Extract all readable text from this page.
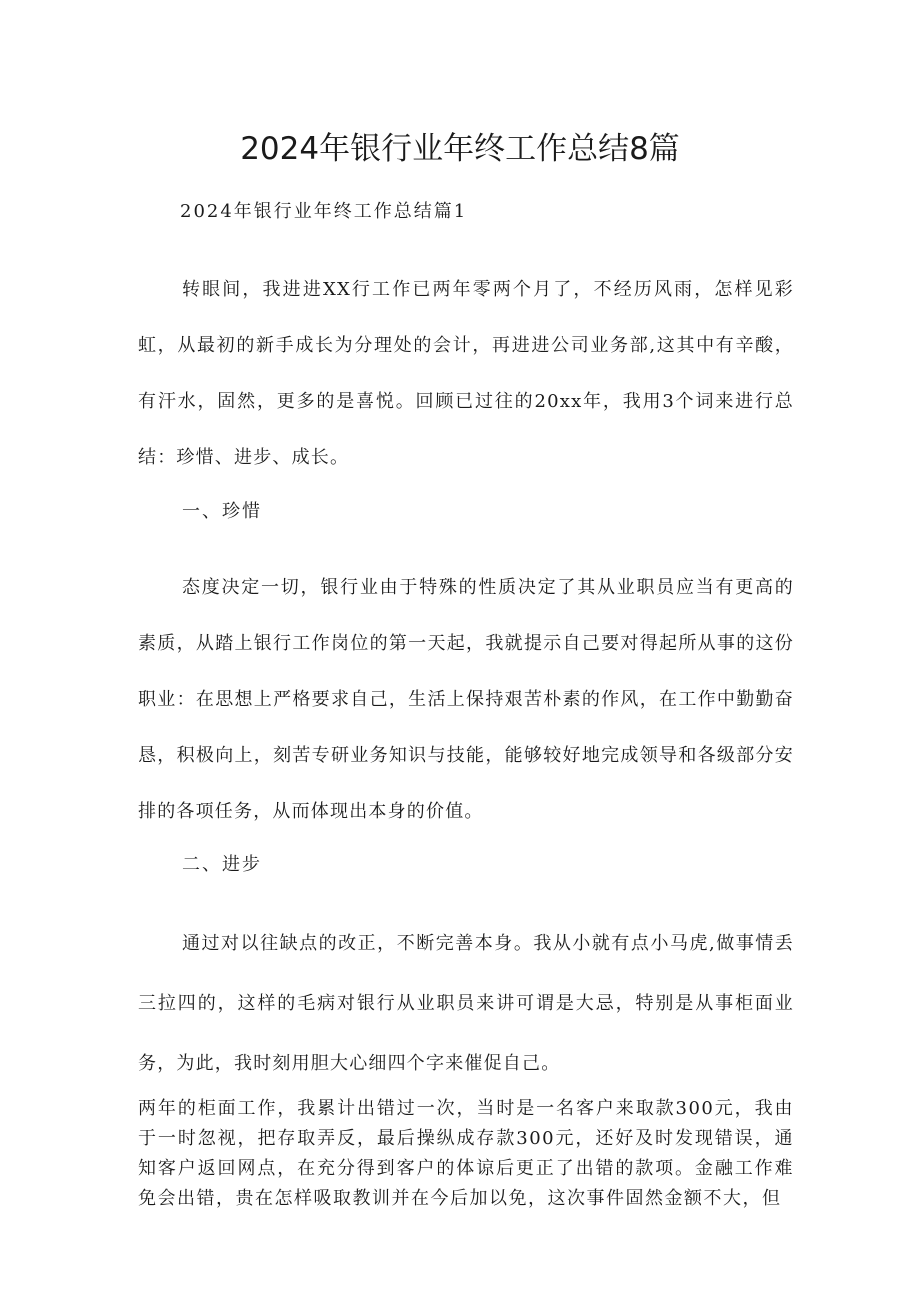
2024年银行业年终工作总结8篇

2024年银行业年终工作总结篇1

转眼间，我进进XX行工作已两年零两个月了，不经历风雨，怎样见彩虹，从最初的新手成长为分理处的会计，再进进公司业务部,这其中有辛酸，有汗水，固然，更多的是喜悦。回顾已过往的20xx年，我用3个词来进行总结：珍惜、进步、成长。

一、珍惜

态度决定一切，银行业由于特殊的性质决定了其从业职员应当有更高的素质，从踏上银行工作岗位的第一天起，我就提示自己要对得起所从事的这份职业：在思想上严格要求自己，生活上保持艰苦朴素的作风，在工作中勤勤奋恳，积极向上，刻苦专研业务知识与技能，能够较好地完成领导和各级部分安排的各项任务，从而体现出本身的价值。

二、进步

通过对以往缺点的改正，不断完善本身。我从小就有点小马虎,做事情丢三拉四的，这样的毛病对银行从业职员来讲可谓是大忌，特别是从事柜面业务，为此，我时刻用胆大心细四个字来催促自己。

两年的柜面工作，我累计出错过一次，当时是一名客户来取款300元，我由于一时忽视，把存取弄反，最后操纵成存款300元，还好及时发现错误，通知客户返回网点，在充分得到客户的体谅后更正了出错的款项。金融工作难免会出错，贵在怎样吸取教训并在今后加以免，这次事件固然金额不大，但
